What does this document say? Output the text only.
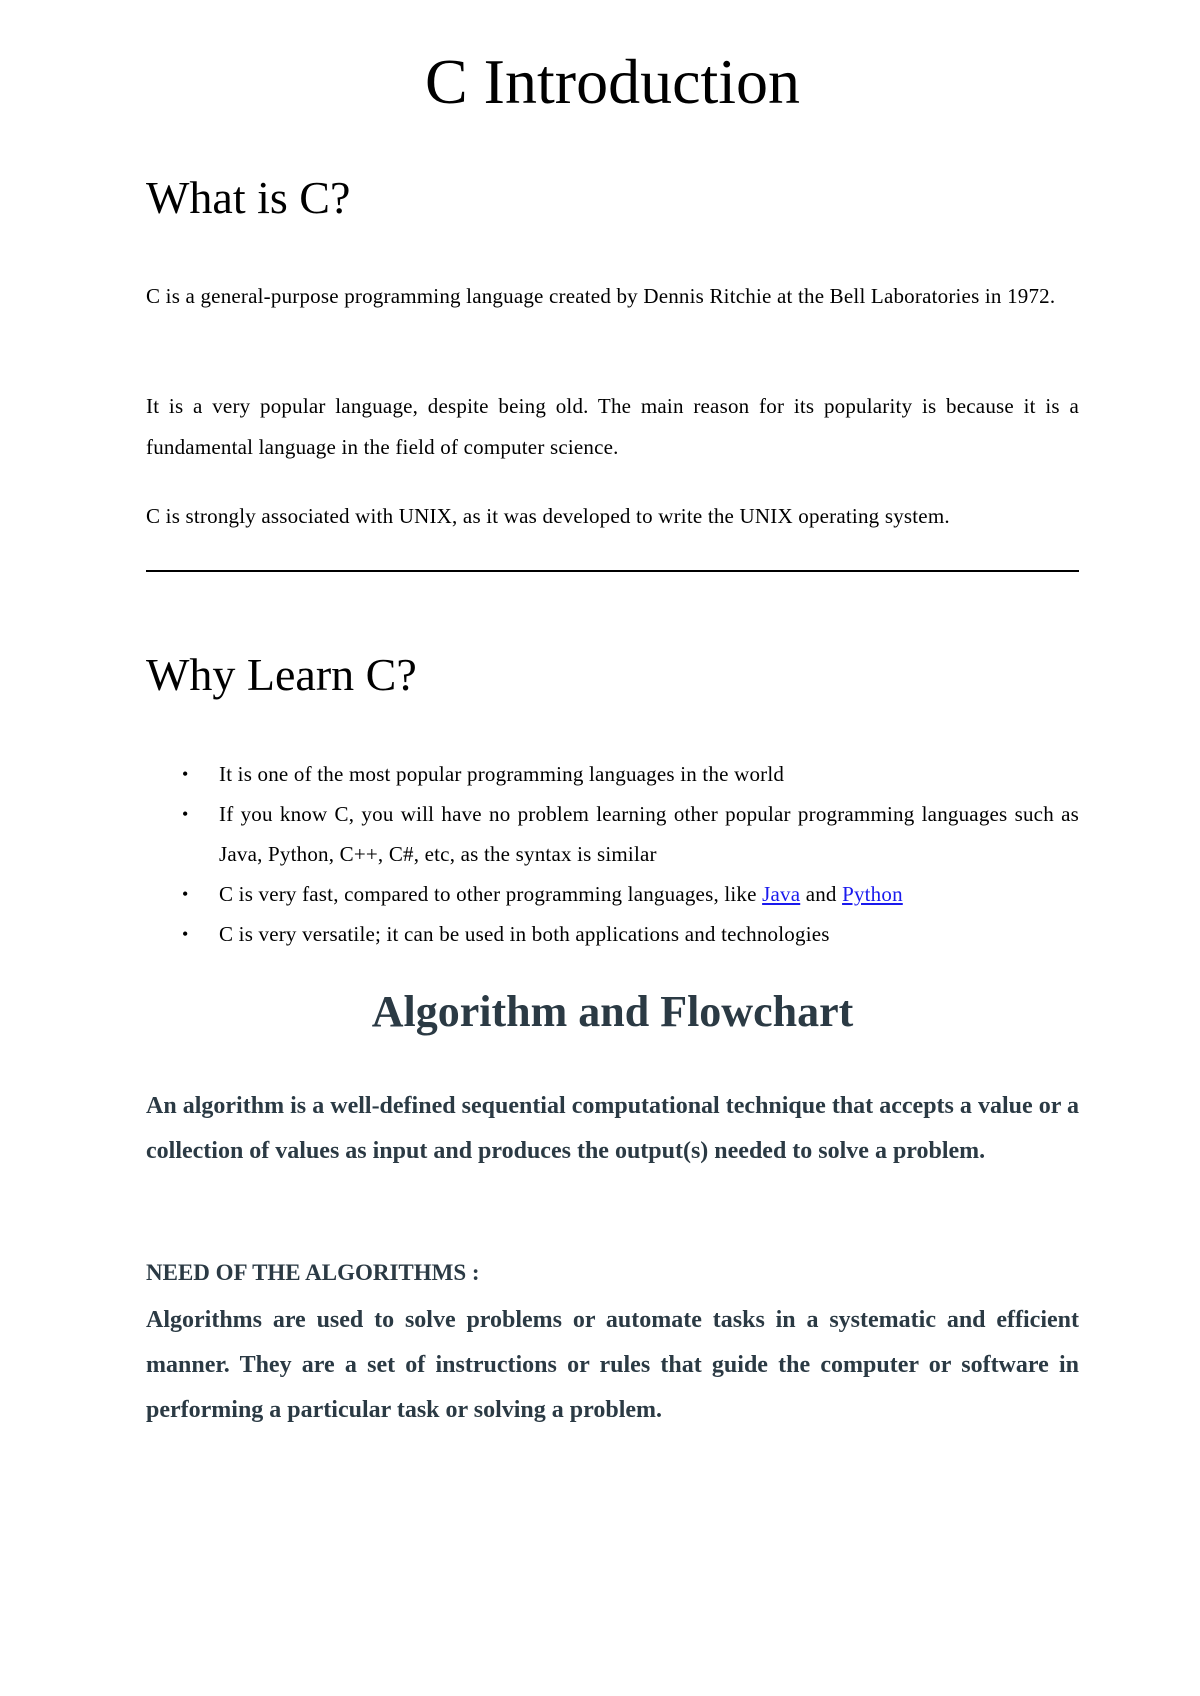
C Introduction
What is C?

C is a general-purpose programming language created by Dennis Ritchie at the Bell Laboratories in 1972.

It is a very popular language, despite being old. The main reason for its popularity is because it is a fundamental language in the field of computer science.

C is strongly associated with UNIX, as it was developed to write the UNIX operating system.

Why Learn C?
• It is one of the most popular programming languages in the world
• If you know C, you will have no problem learning other popular programming languages such as Java, Python, C++, C#, etc, as the syntax is similar
• C is very fast, compared to other programming languages, like Java and Python
• C is very versatile; it can be used in both applications and technologies
Algorithm and Flowchart

An algorithm is a well-defined sequential computational technique that accepts a value or a collection of values as input and produces the output(s) needed to solve a problem.

NEED OF THE ALGORITHMS :

Algorithms are used to solve problems or automate tasks in a systematic and efficient manner. They are a set of instructions or rules that guide the computer or software in performing a particular task or solving a problem.
